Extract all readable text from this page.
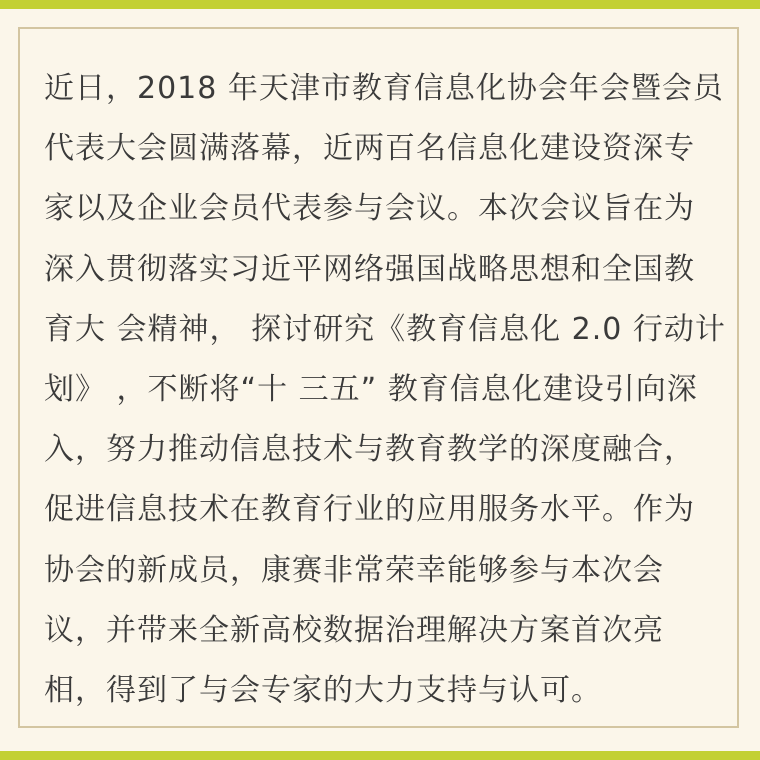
近日，2018 年天津市教育信息化协会年会暨会员
代表大会圆满落幕，近两百名信息化建设资深专
家以及企业会员代表参与会议。本次会议旨在为
深入贯彻落实习近平网络强国战略思想和全国教
育大 会精神， 探讨研究《教育信息化 2.0 行动计
划》 ，不断将“十 三五” 教育信息化建设引向深
入，努力推动信息技术与教育教学的深度融合，
促进信息技术在教育行业的应用服务水平。作为
协会的新成员，康赛非常荣幸能够参与本次会
议，并带来全新高校数据治理解决方案首次亮
相，得到了与会专家的大力支持与认可。
